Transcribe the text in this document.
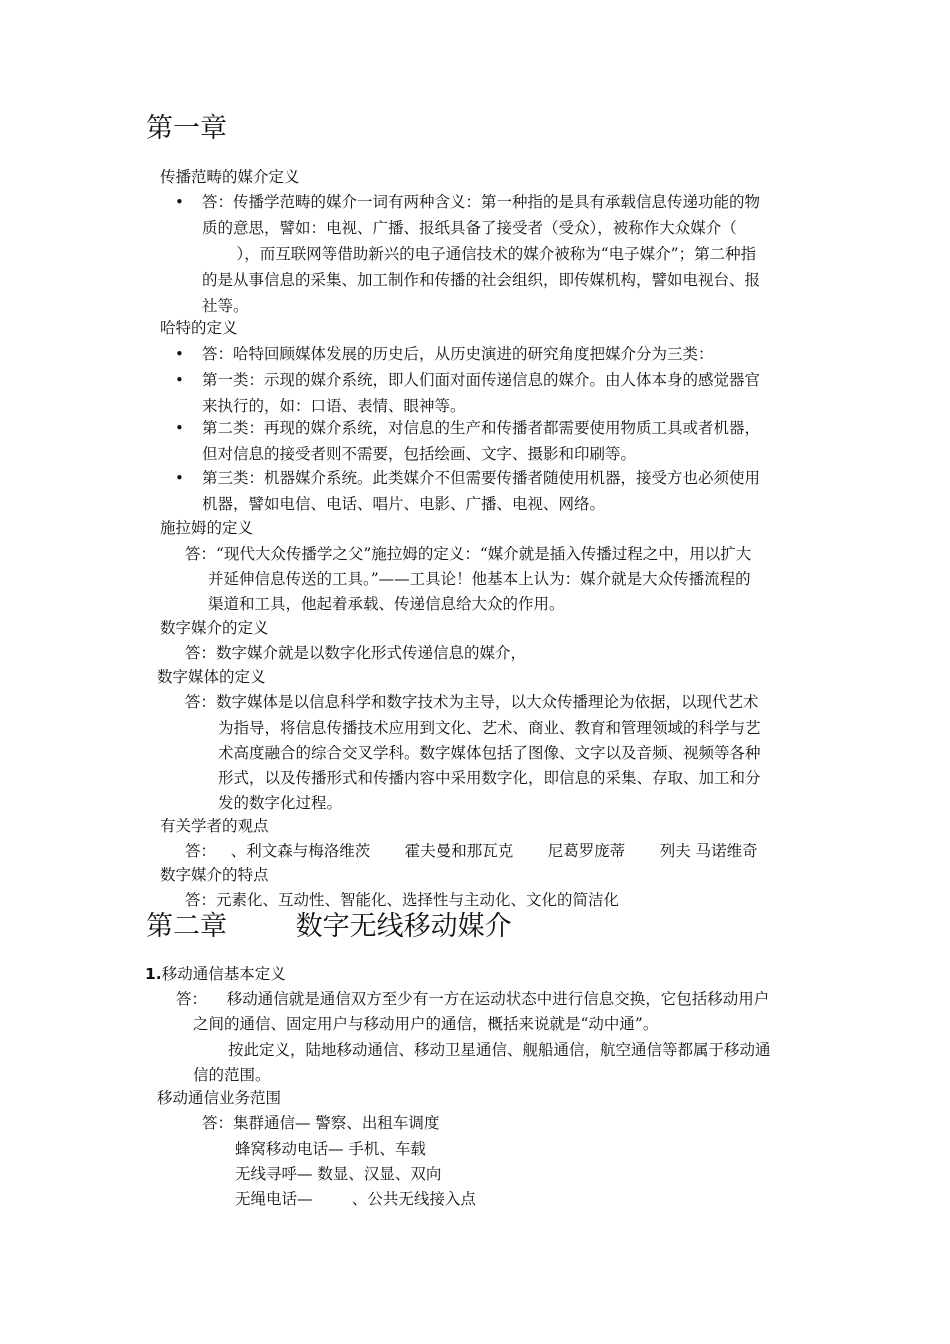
第一章
传播范畴的媒介定义
• 答：传播学范畴的媒介一词有两种含义：第一种指的是具有承载信息传递功能的物
质的意思，譬如：电视、广播、报纸具备了接受者（受众），被称作大众媒介（
），而互联网等借助新兴的电子通信技术的媒介被称为“电子媒介”；第二种指
的是从事信息的采集、加工制作和传播的社会组织，即传媒机构，譬如电视台、报
社等。
哈特的定义
• 答：哈特回顾媒体发展的历史后，从历史演进的研究角度把媒介分为三类：
• 第一类：示现的媒介系统，即人们面对面传递信息的媒介。由人体本身的感觉器官
来执行的，如：口语、表情、眼神等。
• 第二类：再现的媒介系统，对信息的生产和传播者都需要使用物质工具或者机器，
但对信息的接受者则不需要，包括绘画、文字、摄影和印刷等。
• 第三类：机器媒介系统。此类媒介不但需要传播者随使用机器，接受方也必须使用
机器，譬如电信、电话、唱片、电影、广播、电视、网络。
施拉姆的定义
答：“现代大众传播学之父”施拉姆的定义：“媒介就是插入传播过程之中，用以扩大
并延伸信息传送的工具。”——工具论！他基本上认为：媒介就是大众传播流程的
渠道和工具，他起着承载、传递信息给大众的作用。
数字媒介的定义
答：数字媒介就是以数字化形式传递信息的媒介，
数字媒体的定义
答：数字媒体是以信息科学和数字技术为主导，以大众传播理论为依据，以现代艺术
为指导，将信息传播技术应用到文化、艺术、商业、教育和管理领域的科学与艺
术高度融合的综合交叉学科。数字媒体包括了图像、文字以及音频、视频等各种
形式，以及传播形式和传播内容中采用数字化，即信息的采集、存取、加工和分
发的数字化过程。
有关学者的观点
答：   、利文森与梅洛维茨       霍夫曼和那瓦克       尼葛罗庞蒂       列夫 马诺维奇
数字媒介的特点
答：元素化、互动性、智能化、选择性与主动化、文化的简洁化
第二章        数字无线移动媒介
1.移动通信基本定义
答：    移动通信就是通信双方至少有一方在运动状态中进行信息交换，它包括移动用户
之间的通信、固定用户与移动用户的通信，概括来说就是“动中通”。
按此定义，陆地移动通信、移动卫星通信、舰船通信，航空通信等都属于移动通
信的范围。
移动通信业务范围
答：集群通信— 警察、出租车调度
蜂窝移动电话— 手机、车载
无线寻呼— 数显、汉显、双向
无绳电话—        、公共无线接入点
